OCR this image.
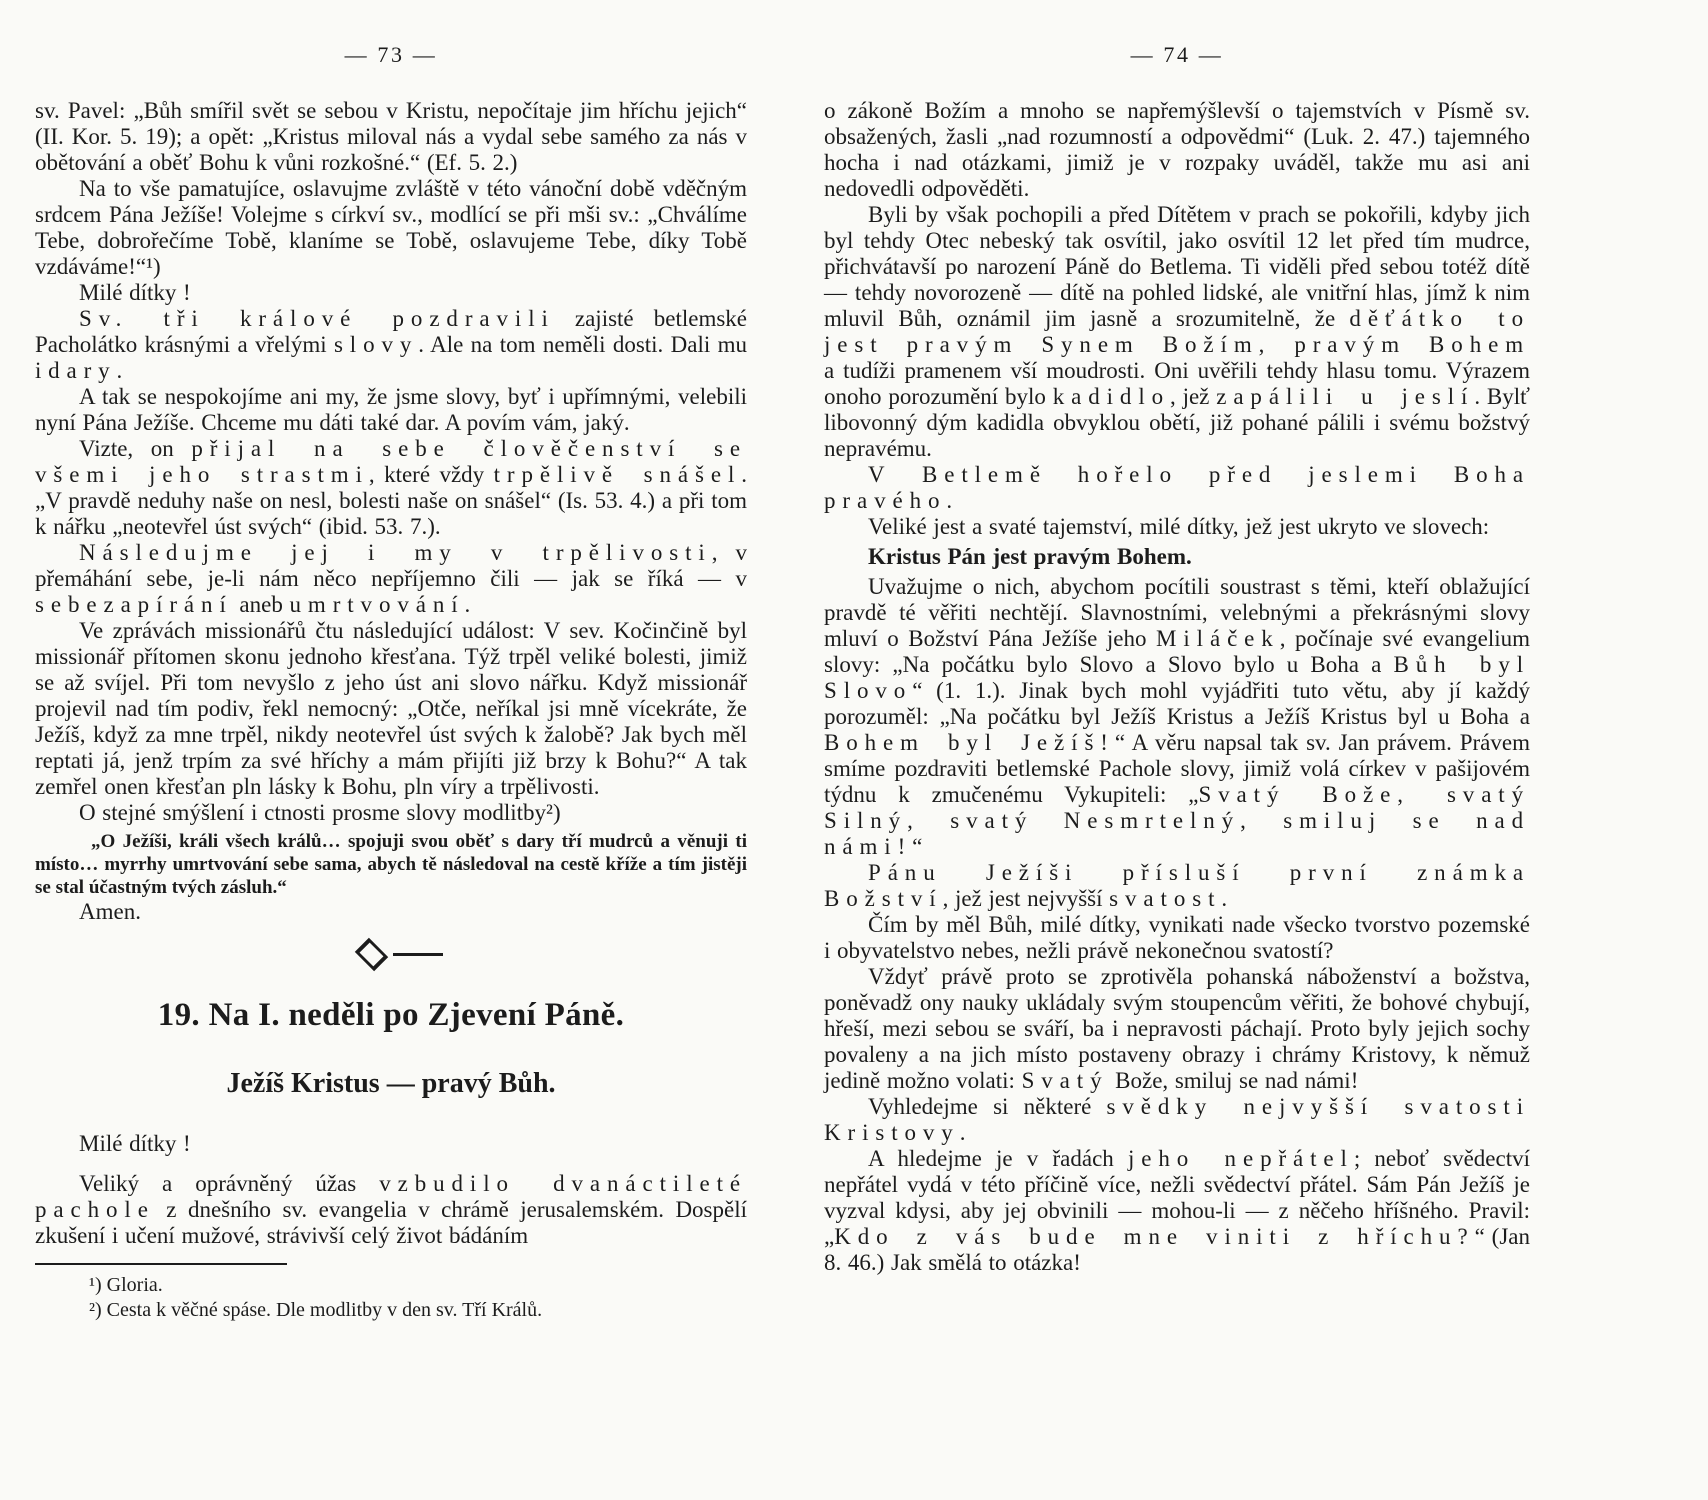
— 73 —

sv. Pavel: „Bůh smířil svět se sebou v Kristu, nepočítaje jim hříchu jejich“ (II. Kor. 5. 19); a opět: „Kristus miloval nás a vydal sebe samého za nás v obětování a oběť Bohu k vůni rozkošné.“ (Ef. 5. 2.)

Na to vše pamatujíce, oslavujme zvláště v této vánoční době vděčným srdcem Pána Ježíše! Volejme s církví sv., modlící se při mši sv.: „Chválíme Tebe, dobrořečíme Tobě, klaníme se Tobě, oslavujeme Tebe, díky Tobě vzdáváme!“¹)

Milé dítky !

Sv. tři králové pozdravili zajisté betlemské Pacholátko krásnými a vřelými slovy. Ale na tom neměli dosti. Dali mu i dary.

A tak se nespokojíme ani my, že jsme slovy, byť i upřímnými, velebili nyní Pána Ježíše. Chceme mu dáti také dar. A povím vám, jaký.

Vizte, on přijal na sebe člověčenství se všemi jeho strastmi, které vždy trpělivě snášel. „V pravdě neduhy naše on nesl, bolesti naše on snášel“ (Is. 53. 4.) a při tom k nářku „neotevřel úst svých“ (ibid. 53. 7.).

Následujme jej i my v trpělivosti, v přemáhání sebe, je-li nám něco nepříjemno čili — jak se říká — v sebezapírání aneb umrtvování.

Ve zprávách missionářů čtu následující událost: V sev. Kočinčině byl missionář přítomen skonu jednoho křesťana. Týž trpěl veliké bolesti, jimiž se až svíjel. Při tom nevyšlo z jeho úst ani slovo nářku. Když missionář projevil nad tím podiv, řekl nemocný: „Otče, neříkal jsi mně vícekráte, že Ježíš, když za mne trpěl, nikdy neotevřel úst svých k žalobě? Jak bych měl reptati já, jenž trpím za své hříchy a mám přijíti již brzy k Bohu?“ A tak zemřel onen křesťan pln lásky k Bohu, pln víry a trpělivosti.

O stejné smýšlení i ctnosti prosme slovy modlitby²)

„O Ježíši, králi všech králů… spojuji svou oběť s dary tří mudrců a věnuji ti místo… myrrhy umrtvování sebe sama, abych tě následoval na cestě kříže a tím jistěji se stal účastným tvých zásluh.“

Amen.

19. Na I. neděli po Zjevení Páně.

Ježíš Kristus — pravý Bůh.

Milé dítky !

Veliký a oprávněný úžas vzbudilo dvanáctileté pachole z dnešního sv. evangelia v chrámě jerusalemském. Dospělí zkušení i učení mužové, strávivší celý život bádáním

¹) Gloria.

²) Cesta k věčné spáse. Dle modlitby v den sv. Tří Králů.

— 74 —

o zákoně Božím a mnoho se napřemýšlevší o tajemstvích v Písmě sv. obsažených, žasli „nad rozumností a odpovědmi“ (Luk. 2. 47.) tajemného hocha i nad otázkami, jimiž je v rozpaky uváděl, takže mu asi ani nedovedli odpověděti.

Byli by však pochopili a před Dítětem v prach se pokořili, kdyby jich byl tehdy Otec nebeský tak osvítil, jako osvítil 12 let před tím mudrce, přichvátavší po narození Páně do Betlema. Ti viděli před sebou totéž dítě — tehdy novorozeně — dítě na pohled lidské, ale vnitřní hlas, jímž k nim mluvil Bůh, oznámil jim jasně a srozumitelně, že děťátko to jest pravým Synem Božím, pravým Bohem a tudíži pramenem vší moudrosti. Oni uvěřili tehdy hlasu tomu. Výrazem onoho porozumění bylo kadidlo, jež zapálili u jeslí. Bylť libovonný dým kadidla obvyklou obětí, již pohané pálili i svému božstvý nepravému.

V Betlemě hořelo před jeslemi Boha pravého.

Veliké jest a svaté tajemství, milé dítky, jež jest ukryto ve slovech:

Kristus Pán jest pravým Bohem.

Uvažujme o nich, abychom pocítili soustrast s těmi, kteří oblažující pravdě té věřiti nechtějí. Slavnostními, velebnými a překrásnými slovy mluví o Božství Pána Ježíše jeho Miláček, počínaje své evangelium slovy: „Na počátku bylo Slovo a Slovo bylo u Boha a Bůh byl Slovo“ (1. 1.). Jinak bych mohl vyjádřiti tuto větu, aby jí každý porozuměl: „Na počátku byl Ježíš Kristus a Ježíš Kristus byl u Boha a Bohem byl Ježíš!“ A věru napsal tak sv. Jan právem. Právem smíme pozdraviti betlemské Pachole slovy, jimiž volá církev v pašijovém týdnu k zmučenému Vykupiteli: „Svatý Bože, svatý Silný, svatý Nesmrtelný, smiluj se nad námi!“

Pánu Ježíši přísluší první známka Božství, jež jest nejvyšší svatost.

Čím by měl Bůh, milé dítky, vynikati nade všecko tvorstvo pozemské i obyvatelstvo nebes, nežli právě nekonečnou svatostí?

Vždyť právě proto se zprotivěla pohanská náboženství a božstva, poněvadž ony nauky ukládaly svým stoupencům věřiti, že bohové chybují, hřeší, mezi sebou se sváří, ba i nepravosti páchají. Proto byly jejich sochy povaleny a na jich místo postaveny obrazy i chrámy Kristovy, k němuž jedině možno volati: Svatý Bože, smiluj se nad námi!

Vyhledejme si některé svědky nejvyšší svatosti Kristovy.

A hledejme je v řadách jeho nepřátel; neboť svědectví nepřátel vydá v této příčině více, nežli svědectví přátel. Sám Pán Ježíš je vyzval kdysi, aby jej obvinili — mohou-li — z něčeho hříšného. Pravil: „Kdo z vás bude mne viniti z hříchu?“ (Jan 8. 46.) Jak smělá to otázka!
